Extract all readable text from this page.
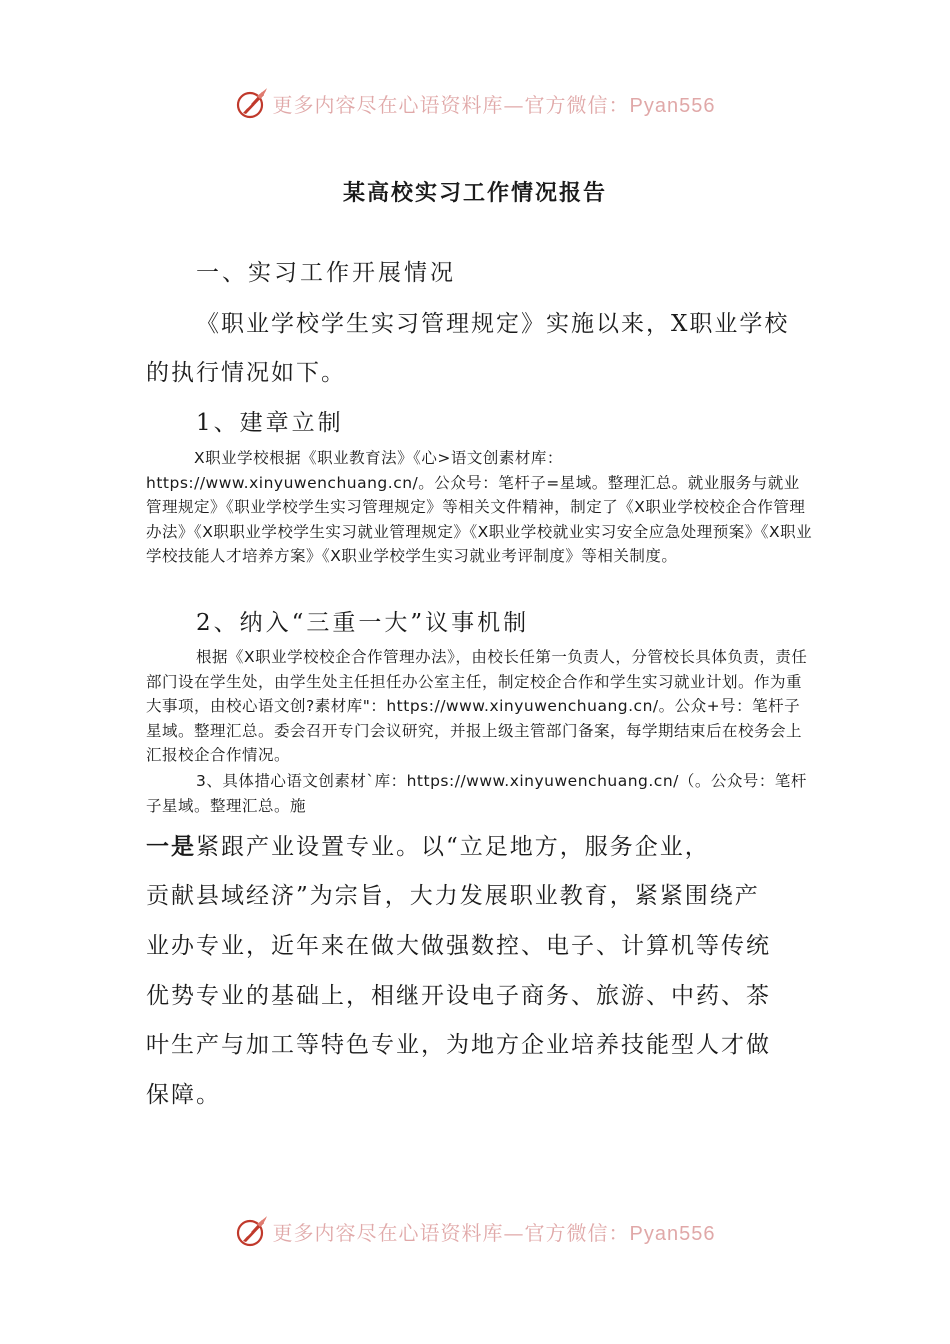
更多内容尽在心语资料库—官方微信：Pyan556
某高校实习工作情况报告

一、实习工作开展情况

《职业学校学生实习管理规定》实施以来，X职业学校

的执行情况如下。

1、建章立制

X职业学校根据《职业教育法》《心>语文创素材库：https://www.xinyuwenchuang.cn/。公众号：笔杆子=星域。整理汇总。就业服务与就业管理规定》《职业学校学生实习管理规定》等相关文件精神，制定了《X职业学校校企合作管理办法》《X职职业学校学生实习就业管理规定》《X职业学校就业实习安全应急处理预案》《X职业学校技能人才培养方案》《X职业学校学生实习就业考评制度》等相关制度。

2、纳入“三重一大”议事机制

根据《X职业学校校企合作管理办法》，由校长任第一负责人，分管校长具体负责，责任部门设在学生处，由学生处主任担任办公室主任，制定校企合作和学生实习就业计划。作为重大事项，由校心语文创?素材库"：https://www.xinyuwenchuang.cn/。公众+号：笔杆子星域。整理汇总。委会召开专门会议研究，并报上级主管部门备案，每学期结束后在校务会上汇报校企合作情况。

3、具体措心语文创素材`库：https://www.xinyuwenchuang.cn/（。公众号：笔杆子星域。整理汇总。施

一是紧跟产业设置专业。以“立足地方，服务企业，

贡献县域经济”为宗旨，大力发展职业教育，紧紧围绕产

业办专业，近年来在做大做强数控、电子、计算机等传统

优势专业的基础上，相继开设电子商务、旅游、中药、茶

叶生产与加工等特色专业，为地方企业培养技能型人才做

保障。

更多内容尽在心语资料库—官方微信：Pyan556
